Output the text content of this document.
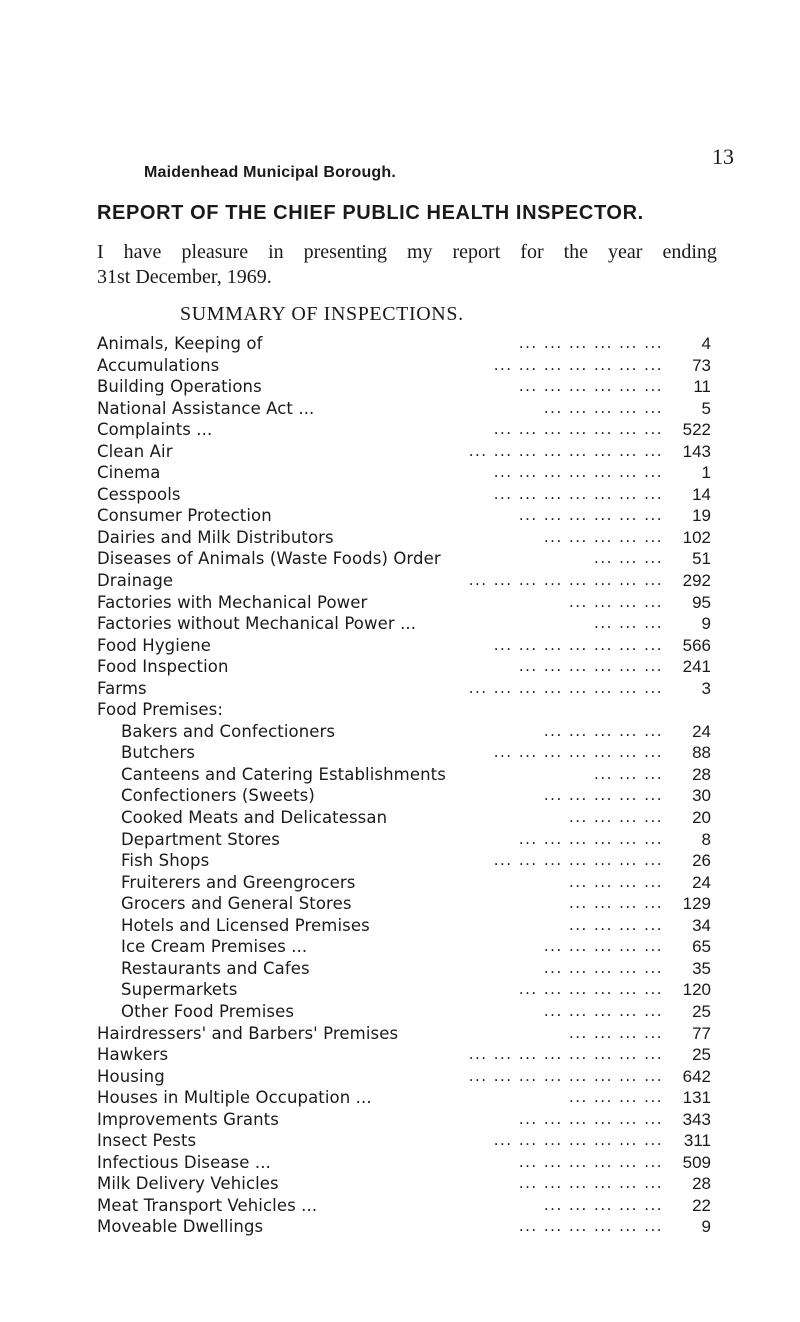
13
Maidenhead Municipal Borough.
REPORT OF THE CHIEF PUBLIC HEALTH INSPECTOR.
I have pleasure in presenting my report for the year ending
31st December, 1969.
SUMMARY OF INSPECTIONS.
Animals, Keeping of	... ... ... ... ... ... 4
Accumulations	... ... ... ... ... ... ... 73
Building Operations	... ... ... ... ... ... 11
National Assistance Act ...	... ... ... ... ... 5
Complaints ...	... ... ... ... ... ... ... 522
Clean Air	... ... ... ... ... ... ... ... 143
Cinema	... ... ... ... ... ... ... 1
Cesspools	... ... ... ... ... ... ... 14
Consumer Protection	... ... ... ... ... ... 19
Dairies and Milk Distributors	... ... ... ... ... 102
Diseases of Animals (Waste Foods) Order	... ... ... 51
Drainage	... ... ... ... ... ... ... ... 292
Factories with Mechanical Power	... ... ... ... 95
Factories without Mechanical Power ...	... ... ... 9
Food Hygiene	... ... ... ... ... ... ... 566
Food Inspection	... ... ... ... ... ... 241
Farms	... ... ... ... ... ... ... ... 3
Food Premises:
Bakers and Confectioners	... ... ... ... ... 24
Butchers	... ... ... ... ... ... ... 88
Canteens and Catering Establishments	... ... ... 28
Confectioners (Sweets)	... ... ... ... ... 30
Cooked Meats and Delicatessan	... ... ... ... 20
Department Stores	... ... ... ... ... ... 8
Fish Shops	... ... ... ... ... ... ... 26
Fruiterers and Greengrocers	... ... ... ... 24
Grocers and General Stores	... ... ... ... 129
Hotels and Licensed Premises	... ... ... ... 34
Ice Cream Premises ...	... ... ... ... ... 65
Restaurants and Cafes	... ... ... ... ... 35
Supermarkets	... ... ... ... ... ... 120
Other Food Premises	... ... ... ... ... 25
Hairdressers' and Barbers' Premises	... ... ... ... 77
Hawkers	... ... ... ... ... ... ... ... 25
Housing	... ... ... ... ... ... ... ... 642
Houses in Multiple Occupation ...	... ... ... ... 131
Improvements Grants	... ... ... ... ... ... 343
Insect Pests	... ... ... ... ... ... ... 311
Infectious Disease ...	... ... ... ... ... ... 509
Milk Delivery Vehicles	... ... ... ... ... ... 28
Meat Transport Vehicles ...	... ... ... ... ... 22
Moveable Dwellings	... ... ... ... ... ... 9
